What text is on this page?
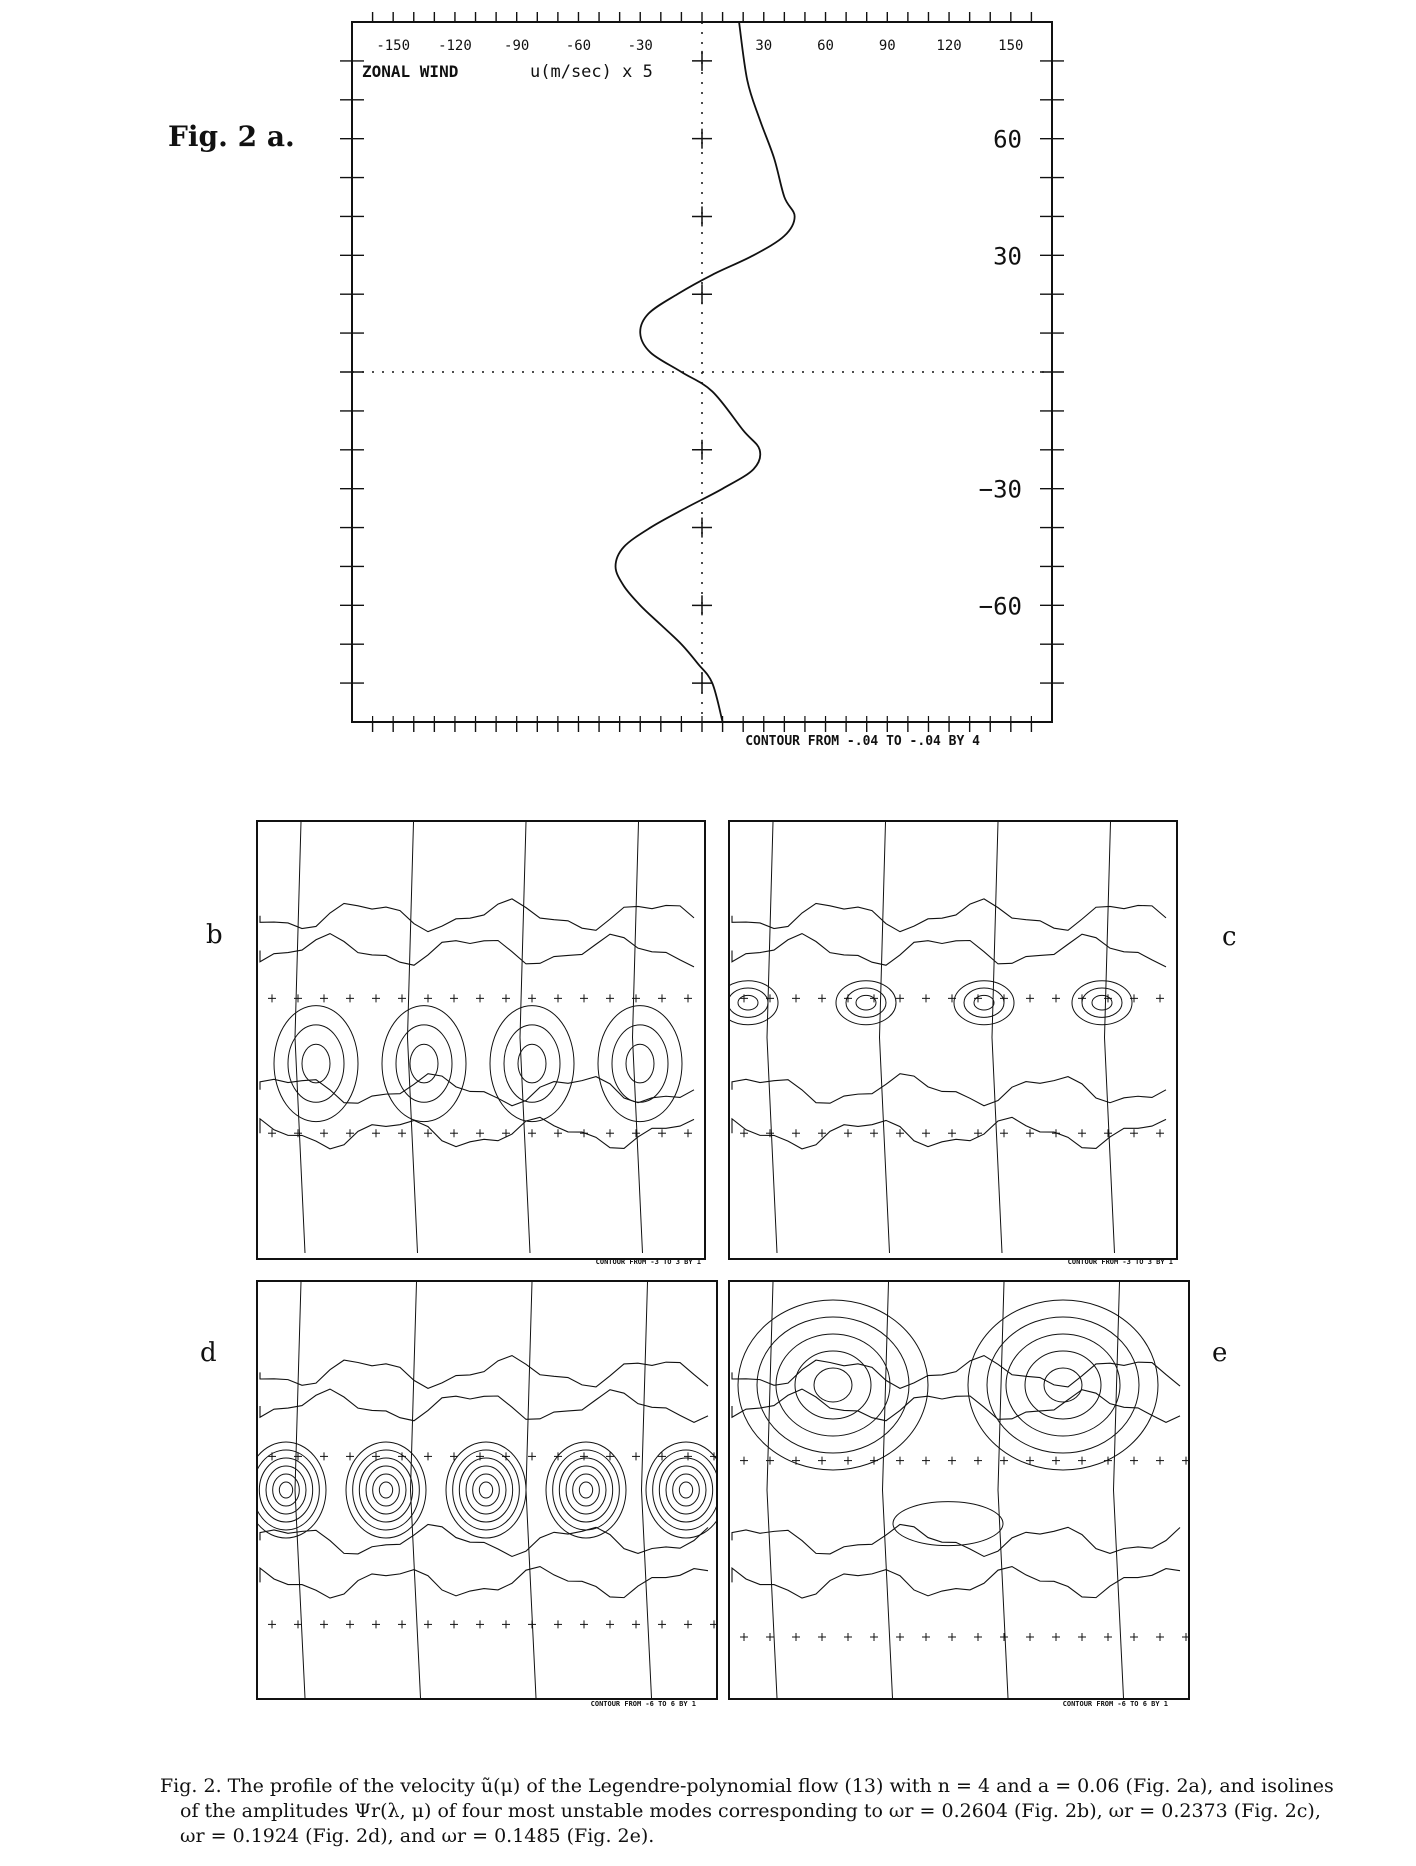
Fig. 2 a.
ZONAL WIND	u(m/sec) x 5
-150 -120 -90	-60	-30	30	60	90	120	150
60
30
−30
−60
CONTOUR FROM -.04 TO -.04 BY 4
b	c
d	e
CONTOUR FROM -3 TO 3 BY 1	CONTOUR FROM -3 TO 3 BY 1
CONTOUR FROM -6 TO 6 BY 1	CONTOUR FROM -6 TO 6 BY 1
Fig. 2. The profile of the velocity ũ(μ) of the Legendre-polynomial flow (13) with n = 4 and a = 0.06 (Fig. 2a), and isolines
of the amplitudes Ψr(λ, μ) of four most unstable modes corresponding to ωr = 0.2604 (Fig. 2b), ωr = 0.2373 (Fig. 2c),
ωr = 0.1924 (Fig. 2d), and ωr = 0.1485 (Fig. 2e).
